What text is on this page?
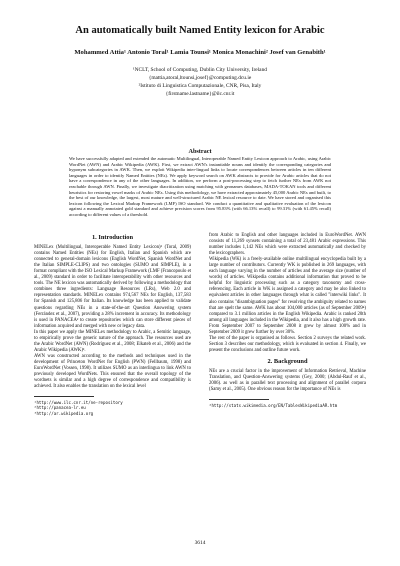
An automatically built Named Entity lexicon for Arabic
Mohammed Attia¹ Antonio Toral¹ Lamia Tounsi¹ Monica Monachini² Josef van Genabith¹
¹NCLT, School of Computing, Dublin City University, Ireland
{mattia,atoral,ltounsi,josef}@computing.dcu.ie
²Istituto di Linguistica Computazionale, CNR, Pisa, Italy
{firstname.lastname}@ilc.cnr.it
Abstract

We have successfully adapted and extended the automatic Multilingual, Interoperable Named Entity Lexicon approach to Arabic, using Arabic WordNet (AWN) and Arabic Wikipedia (AWK). First, we extract AWN's instantiable nouns and identify the corresponding categories and hyponym subcategories in AWK. Then, we exploit Wikipedia inter-lingual links to locate correspondences between articles in ten different languages in order to identify Named Entities (NEs). We apply keyword search on AWK abstracts to provide for Arabic articles that do not have a correspondence in any of the other languages. In addition, we perform a post-processing step to fetch further NEs from AWK not reachable through AWN. Finally, we investigate diacritization using matching with geonames databases, MADA-TOKAN tools and different heuristics for restoring vowel marks of Arabic NEs. Using this methodology, we have extracted approximately 45,000 Arabic NEs and built, to the best of our knowledge, the largest, most mature and well-structured Arabic NE lexical resource to date. We have stored and organised this lexicon following the Lexical Markup Framework (LMF) ISO standard. We conduct a quantitative and qualitative evaluation of the lexicon against a manually annotated gold standard and achieve precision scores from 95.83% (with 66.13% recall) to 99.31% (with 61.45% recall) according to different values of a threshold.

1. Introduction

MINELex (Multilingual, Interoperable Named Entity Lexicon)¹ (Toral, 2009) contains Named Entities (NEs) for English, Italian and Spanish which are connected to general-domain lexicons (English WordNet, Spanish WordNet and the Italian SIMPLE-CLIPS) and two ontologies (SUMO and SIMPLE), in a format compliant with the ISO Lexical Markup Framework (LMF (Francopoulo et al., 2009) standard in order to facilitate interoperability with other resources and tools. The NE lexicon was automatically derived by following a methodology that combines three ingredients: Language Resources (LRs), Web 2.0 and representation standards. MINELex contains 974,567 NEs for English, 137,583 for Spanish and 125,806 for Italian. Its knowledge has been applied to validate questions regarding NEs in a state-of-the-art Question Answering system (Ferrández et al., 2007), providing a 28% increment in accuracy. Its methodology is used in PANACEA² to create repositories which can store different pieces of information acquired and merged with new or legacy data.

In this paper we apply the MINELex methodology to Arabic, a Semitic language, to empirically prove the generic nature of the approach. The resources used are the Arabic WordNet (AWN) (Rodríguez et al., 2008; Elkateb et al., 2006) and the Arabic Wikipedia (AWK)³.

AWN was constructed according to the methods and techniques used in the development of Princeton WordNet for English (PWN) (Fellbaum, 1998) and EuroWordNet (Vossen, 1998). It utilizes SUMO as an interlingua to link AWN to previously developed WordNets. This ensured that the overall topology of the wordnets is similar and a high degree of correspondence and compatibility is achieved. It also enables the translation on the lexical level

¹http://www.ilc.cnr.it/ne-repository
²http://panacea-lr.eu
³http://ar.wikipedia.org

from Arabic to English and other languages included in EuroWordNet. AWN consists of 11,269 synsets containing a total of 23,481 Arabic expressions. This number includes 1,142 NEs which were extracted automatically and checked by the lexicographers.

Wikipedia (WK) is a freely-available online multilingual encyclopedia built by a large number of contributors. Currently WK is published in 269 languages, with each language varying in the number of articles and the average size (number of words) of articles. Wikipedia contains additional information that proved to be helpful for linguistic processing such as a category taxonomy and cross-referencing. Each article in WK is assigned a category and may be also linked to equivalent articles in other languages through what is called "interwiki links". It also contains "disambiguation pages" for resolving the ambiguity related to names that are spelt the same. AWK has about 104,000 articles (as of September 2009⁴) compared to 3.1 million articles in the English Wikipedia. Arabic is ranked 20th among all languages included in the Wikipedia, and it also has a high growth rate. From September 2007 to September 2008 it grew by almost 100% and in September 2009 it grew further by over 30%.

The rest of the paper is organised as follows. Section 2 surveys the related work. Section 3 describes our methodology, which is evaluated in section 4. Finally, we present the conclusions and outline future work.

2. Background

NEs are a crucial factor in the improvement of Information Retrieval, Machine Translation, and Question-Answering systems (Gey, 2000; (Abdul-Rauf et al., 2006). as well as in parallel text processing and alignment of parallel corpora (Samy et al., 2005). One obvious reason for the importance of NEs is

⁴http://stats.wikimedia.org/EN/TablesWikipediaAR.htm
3614
